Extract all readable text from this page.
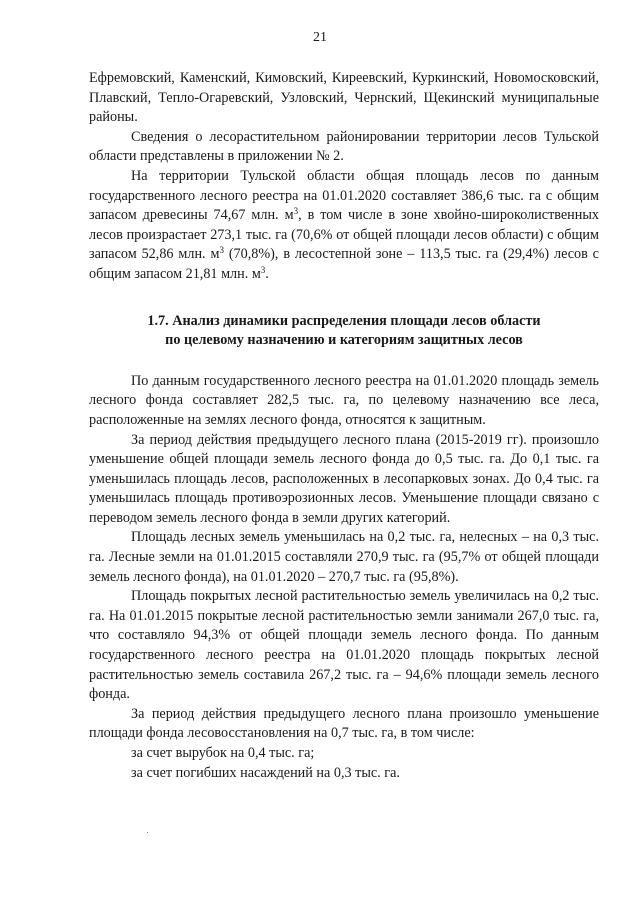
21

Ефремовский, Каменский, Кимовский, Киреевский, Куркинский, Новомосковский, Плавский, Тепло-Огаревский, Узловский, Чернский, Щекинский муниципальные районы.

Сведения о лесорастительном районировании территории лесов Тульской области представлены в приложении № 2.

На территории Тульской области общая площадь лесов по данным государственного лесного реестра на 01.01.2020 составляет 386,6 тыс. га с общим запасом древесины 74,67 млн. $м^3$, в том числе в зоне хвойно-широколиственных лесов произрастает 273,1 тыс. га (70,6% от общей площади лесов области) с общим запасом 52,86 млн. $м^3$ (70,8%), в лесостепной зоне – 113,5 тыс. га (29,4%) лесов с общим запасом 21,81 млн. $м^3$.

1.7. Анализ динамики распределения площади лесов области
по целевому назначению и категориям защитных лесов

По данным государственного лесного реестра на 01.01.2020 площадь земель лесного фонда составляет 282,5 тыс. га, по целевому назначению все леса, расположенные на землях лесного фонда, относятся к защитным.

За период действия предыдущего лесного плана (2015-2019 гг). произошло уменьшение общей площади земель лесного фонда до 0,5 тыс. га. До 0,1 тыс. га уменьшилась площадь лесов, расположенных в лесопарковых зонах. До 0,4 тыс. га уменьшилась площадь противоэрозионных лесов. Уменьшение площади связано с переводом земель лесного фонда в земли других категорий.

Площадь лесных земель уменьшилась на 0,2 тыс. га, нелесных – на 0,3 тыс. га. Лесные земли на 01.01.2015 составляли 270,9 тыс. га (95,7% от общей площади земель лесного фонда), на 01.01.2020 – 270,7 тыс. га (95,8%).

Площадь покрытых лесной растительностью земель увеличилась на 0,2 тыс. га. На 01.01.2015 покрытые лесной растительностью земли занимали 267,0 тыс. га, что составляло 94,3% от общей площади земель лесного фонда. По данным государственного лесного реестра на 01.01.2020 площадь покрытых лесной растительностью земель составила 267,2 тыс. га – 94,6% площади земель лесного фонда.

За период действия предыдущего лесного плана произошло уменьшение площади фонда лесовосстановления на 0,7 тыс. га, в том числе:

за счет вырубок на 0,4 тыс. га;

за счет погибших насаждений на 0,3 тыс. га.
